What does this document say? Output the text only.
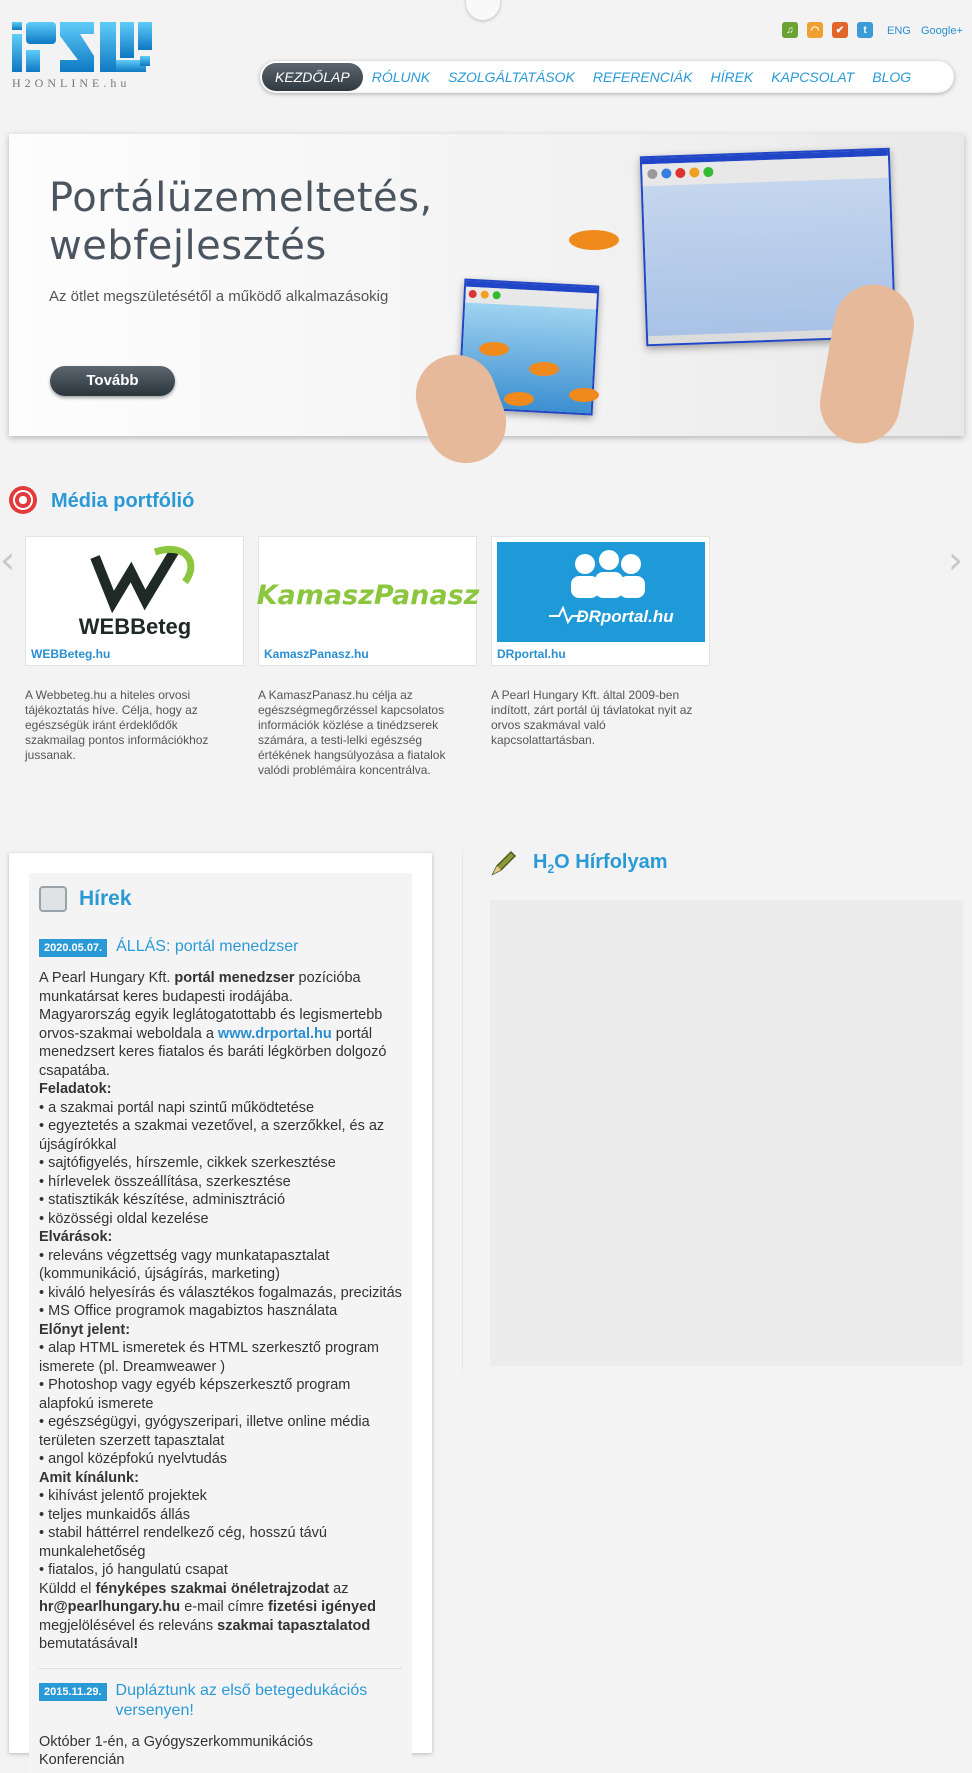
H2ONLINE.hu
♫	◠	✔	t	ENG Google+
KEZDŐLAP	RÓLUNK	SZOLGÁLTATÁSOK	REFERENCIÁK	HÍREK	KAPCSOLAT	BLOG
Portálüzemeltetés, webfejlesztés
Az ötlet megszületésétől a működő alkalmazásokig
Tovább
Média portfólió
‹	›
WEBBeteg
WEBBeteg.hu
A Webbeteg.hu a hiteles orvosi tájékoztatás híve. Célja, hogy az egészségük iránt érdeklődők szakmailag pontos információkhoz jussanak.
KamaszPanasz
KamaszPanasz.hu
A KamaszPanasz.hu célja az egészségmegőrzéssel kapcsolatos információk közlése a tinédzserek számára, a testi-lelki egészség értékének hangsúlyozása a fiatalok valódi problémáira koncentrálva.
DRportal.hu
DRportal.hu
A Pearl Hungary Kft. által 2009-ben indított, zárt portál új távlatokat nyit az orvos szakmával való kapcsolattartásban.
Hírek
2020.05.07. ÁLLÁS: portál menedzser
A Pearl Hungary Kft. portál menedzser pozícióba munkatársat keres budapesti irodájába.
Magyarország egyik leglátogatottabb és legismertebb orvos-szakmai weboldala a www.drportal.hu portál menedzsert keres fiatalos és baráti légkörben dolgozó csapatába.
Feladatok:
• a szakmai portál napi szintű működtetése
• egyeztetés a szakmai vezetővel, a szerzőkkel, és az újságírókkal
• sajtófigyelés, hírszemle, cikkek szerkesztése
• hírlevelek összeállítása, szerkesztése
• statisztikák készítése, adminisztráció
• közösségi oldal kezelése
Elvárások:
• releváns végzettség vagy munkatapasztalat (kommunikáció, újságírás, marketing)
• kiváló helyesírás és választékos fogalmazás, precizitás
• MS Office programok magabiztos használata
Előnyt jelent:
• alap HTML ismeretek és HTML szerkesztő program ismerete (pl. Dreamweawer )
• Photoshop vagy egyéb képszerkesztő program alapfokú ismerete
• egészségügyi, gyógyszeripari, illetve online média területen szerzett tapasztalat
• angol középfokú nyelvtudás
Amit kínálunk:
• kihívást jelentő projektek
• teljes munkaidős állás
• stabil háttérrel rendelkező cég, hosszú távú munkalehetőség
• fiatalos, jó hangulatú csapat
Küldd el fényképes szakmai önéletrajzodat az
hr@pearlhungary.hu e-mail címre fizetési igényed megjelölésével és releváns szakmai tapasztalatod bemutatásával!
2015.11.29. Dupláztunk az első betegedukációs versenyen!
Október 1-én, a Gyógyszerkommunikációs Konferencián
$H_2O$ Hírfolyam
